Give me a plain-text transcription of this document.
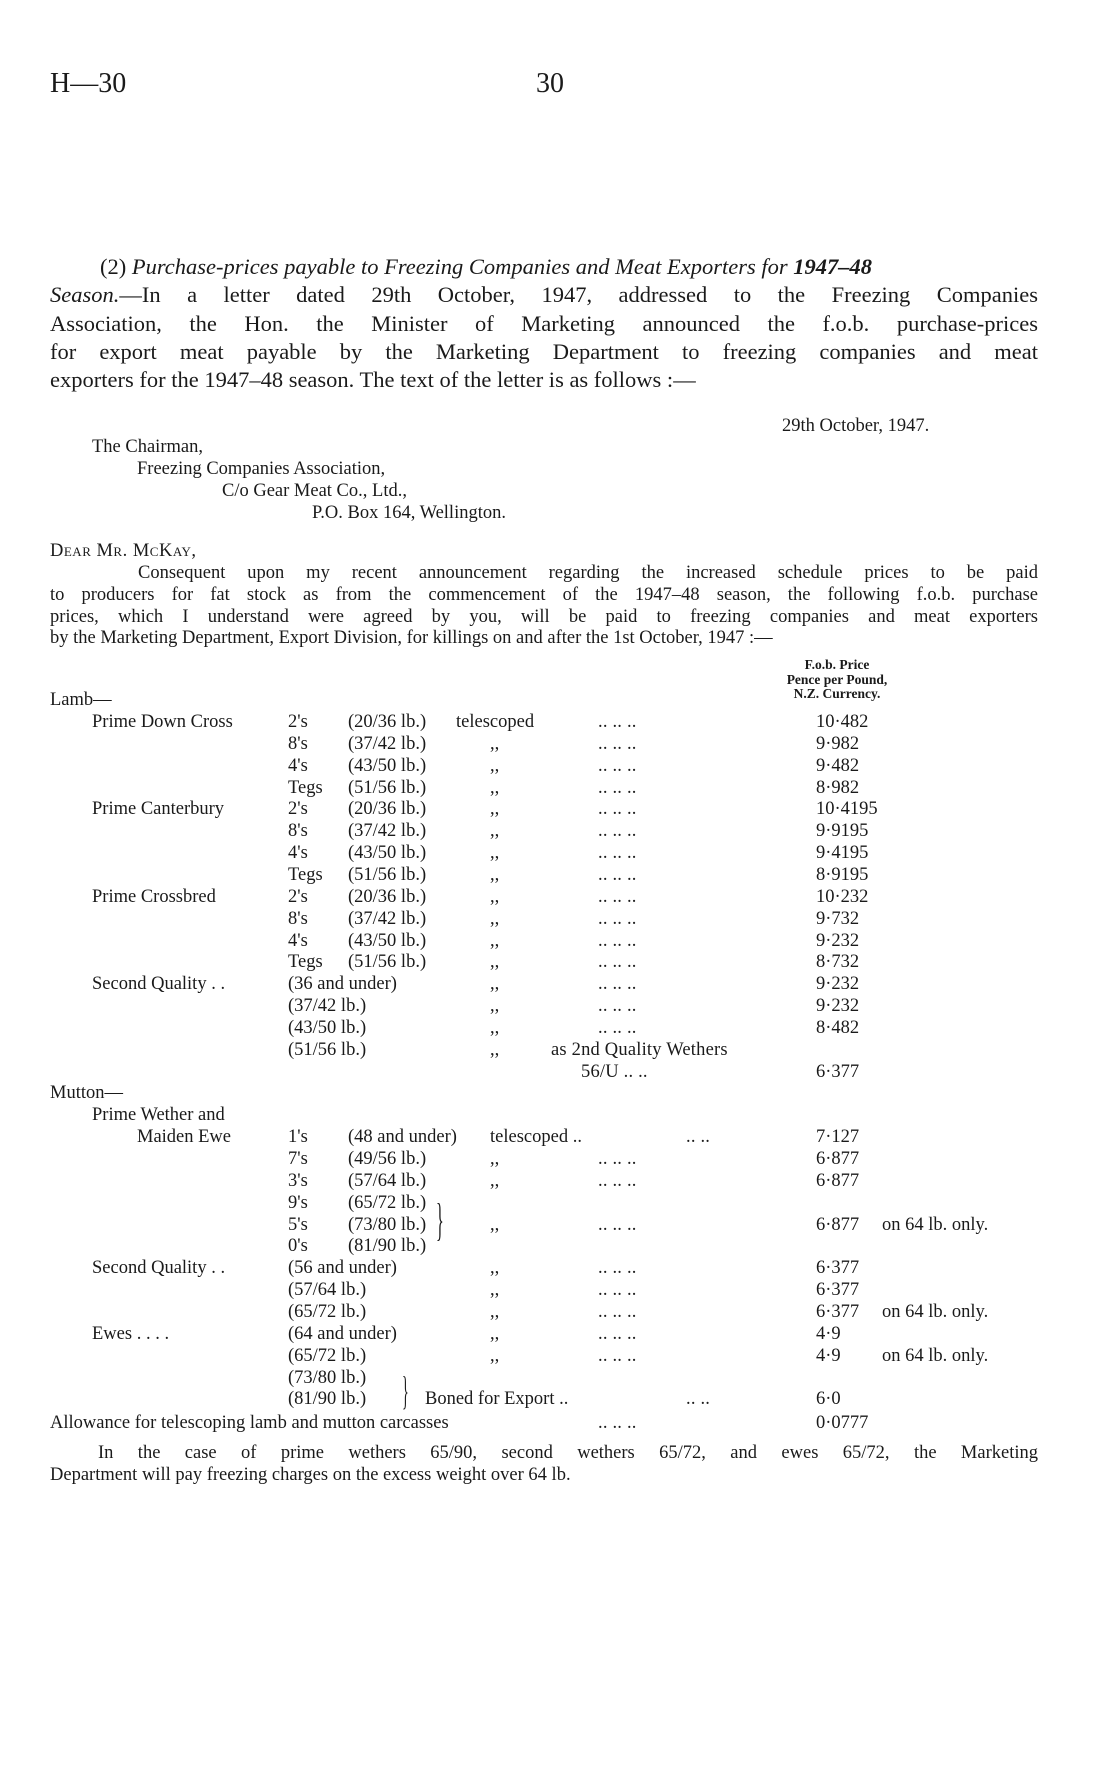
H—30	30
(2) Purchase-prices payable to Freezing Companies and Meat Exporters for 1947–48
Season.—In a letter dated 29th October, 1947, addressed to the Freezing Companies
Association, the Hon. the Minister of Marketing announced the f.o.b. purchase-prices
for export meat payable by the Marketing Department to freezing companies and meat
exporters for the 1947–48 season. The text of the letter is as follows :—
29th October, 1947.
The Chairman,
Freezing Companies Association,
C/o Gear Meat Co., Ltd.,
P.O. Box 164, Wellington.
Dear Mr. McKay,
Consequent upon my recent announcement regarding the increased schedule prices to be paid
to producers for fat stock as from the commencement of the 1947–48 season, the following f.o.b. purchase
prices, which I understand were agreed by you, will be paid to freezing companies and meat exporters
by the Marketing Department, Export Division, for killings on and after the 1st October, 1947 :—
F.o.b. Price
Pence per Pound,
N.Z. Currency.
Lamb—
Prime Down Cross	2's (20/36 lb.) telescoped	.. .. ..	10·482
8's (37/42 lb.)	,,	.. .. ..	9·982
4's (43/50 lb.)	,,	.. .. ..	9·482
Tegs (51/56 lb.)	,,	.. .. ..	8·982
Prime Canterbury	2's (20/36 lb.)	,,	.. .. ..	10·4195
8's (37/42 lb.)	,,	.. .. ..	9·9195
4's (43/50 lb.)	,,	.. .. ..	9·4195
Tegs (51/56 lb.)	,,	.. .. ..	8·9195
Prime Crossbred	2's (20/36 lb.)	,,	.. .. ..	10·232
8's (37/42 lb.)	,,	.. .. ..	9·732
4's (43/50 lb.)	,,	.. .. ..	9·232
Tegs (51/56 lb.)	,,	.. .. ..	8·732
Second Quality . .	(36 and under)	,,	.. .. ..	9·232
(37/42 lb.)	,,	.. .. ..	9·232
(43/50 lb.)	,,	.. .. ..	8·482
(51/56 lb.)	,,	as 2nd Quality Wethers
56/U .. ..	6·377
Mutton—
Prime Wether and
Maiden Ewe	1's (48 and under) telescoped ..	.. ..	7·127
7's (49/56 lb.)	,,	.. .. ..	6·877
3's (57/64 lb.)	,,	.. .. ..	6·877
9's (65/72 lb.)
5's (73/80 lb.)	,,	.. .. ..	6·877 on 64 lb. only.
0's (81/90 lb.)
Second Quality . .	(56 and under)	,,	.. .. ..	6·377
(57/64 lb.)	,,	.. .. ..	6·377
(65/72 lb.)	,,	.. .. ..	6·377 on 64 lb. only.
Ewes . . . .	(64 and under)	,,	.. .. ..	4·9
(65/72 lb.)	,,	.. .. ..	4·9 on 64 lb. only.
(73/80 lb.)
(81/90 lb.)	Boned for Export ..	.. ..	6·0
}
}
Allowance for telescoping lamb and mutton carcasses	.. .. ..	0·0777
In the case of prime wethers 65/90, second wethers 65/72, and ewes 65/72, the Marketing
Department will pay freezing charges on the excess weight over 64 lb.
